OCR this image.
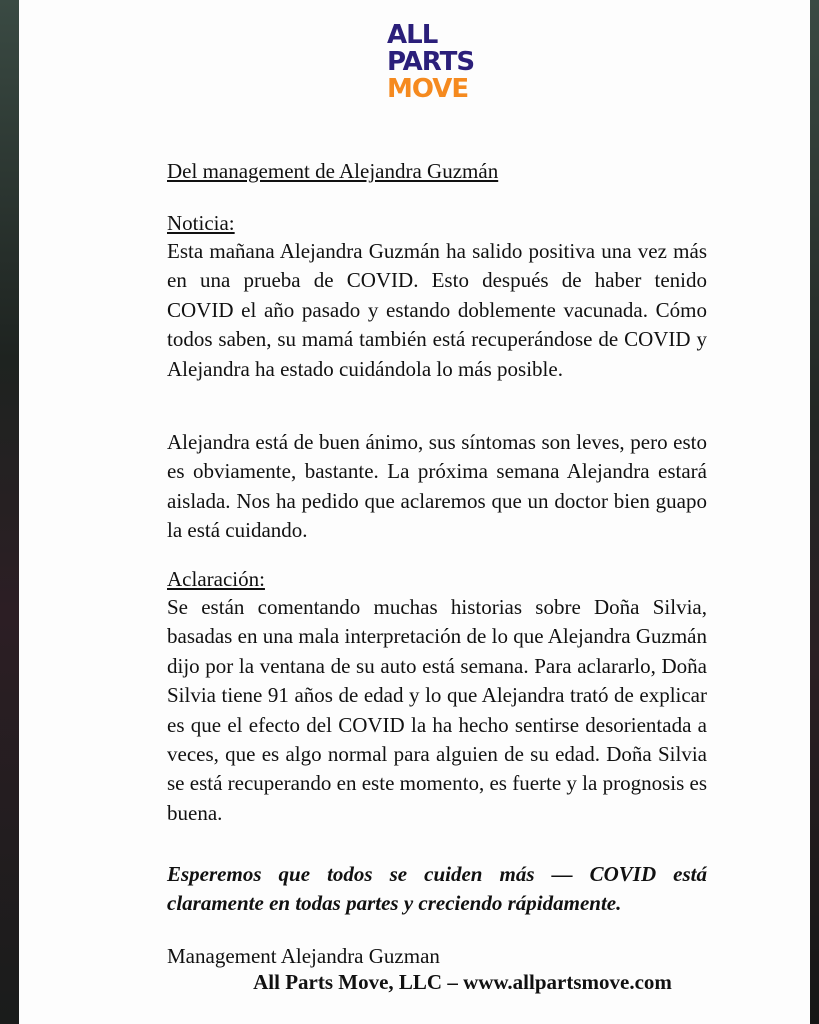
ALL
PARTS
MOVE

Del management de Alejandra Guzmán

Noticia:

Esta mañana Alejandra Guzmán ha salido positiva una vez más en una prueba de COVID. Esto después de haber tenido COVID el año pasado y estando doblemente vacunada. Cómo todos saben, su mamá también está recuperándose de COVID y Alejandra ha estado cuidándola lo más posible.

Alejandra está de buen ánimo, sus síntomas son leves, pero esto es obviamente, bastante. La próxima semana Alejandra estará aislada. Nos ha pedido que aclaremos que un doctor bien guapo la está cuidando.

Aclaración:

Se están comentando muchas historias sobre Doña Silvia, basadas en una mala interpretación de lo que Alejandra Guzmán dijo por la ventana de su auto está semana. Para aclararlo, Doña Silvia tiene 91 años de edad y lo que Alejandra trató de explicar es que el efecto del COVID la ha hecho sentirse desorientada a veces, que es algo normal para alguien de su edad. Doña Silvia se está recuperando en este momento, es fuerte y la prognosis es buena.

Esperemos que todos se cuiden más — COVID está claramente en todas partes y creciendo rápidamente.

Management Alejandra Guzman

All Parts Move, LLC – www.allpartsmove.com
